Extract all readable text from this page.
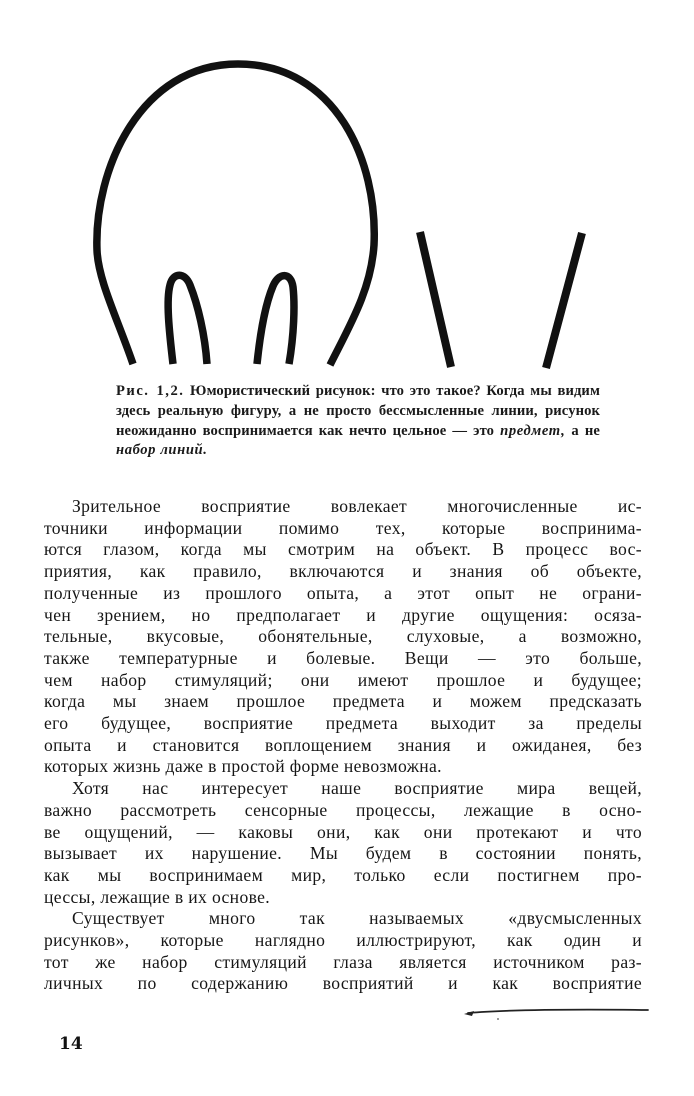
Рис. 1,2. Юмористический рисунок: что это такое? Когда мы видим здесь реальную фигуру, а не просто бессмысленные линии, рисунок неожиданно воспринимается как нечто цельное — это предмет, а не набор линий.
Зрительное восприятие вовлекает многочисленные ис-
точники информации помимо тех, которые воспринима-
ются глазом, когда мы смотрим на объект. В процесс вос-
приятия, как правило, включаются и знания об объекте,
полученные из прошлого опыта, а этот опыт не ограни-
чен зрением, но предполагает и другие ощущения: осяза-
тельные, вкусовые, обонятельные, слуховые, а возможно,
также температурные и болевые. Вещи — это больше,
чем набор стимуляций; они имеют прошлое и будущее;
когда мы знаем прошлое предмета и можем предсказать
его будущее, восприятие предмета выходит за пределы
опыта и становится воплощением знания и ожиданея, без
которых жизнь даже в простой форме невозможна.
Хотя нас интересует наше восприятие мира вещей,
важно рассмотреть сенсорные процессы, лежащие в осно-
ве ощущений, — каковы они, как они протекают и что
вызывает их нарушение. Мы будем в состоянии понять,
как мы воспринимаем мир, только если постигнем про-
цессы, лежащие в их основе.
Существует много так называемых «двусмысленных
рисунков», которые наглядно иллюстрируют, как один и
тот же набор стимуляций глаза является источником раз-
личных по содержанию восприятий и как восприятие
14
